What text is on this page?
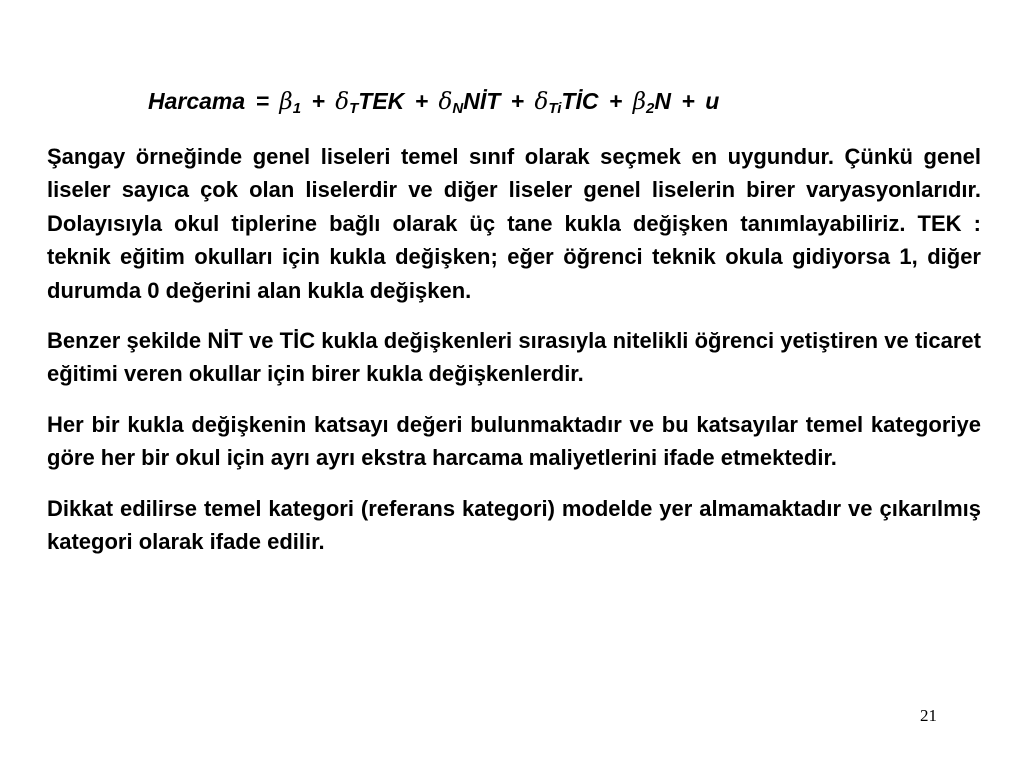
Harcama = $\beta_1 + \delta_TTEK$ + $\delta_NNİT$ + $\delta_{Ti}TİC + \beta_2N + u$

Şangay örneğinde genel liseleri temel sınıf olarak seçmek en uygundur. Çünkü genel liseler sayıca çok olan liselerdir ve diğer liseler genel liselerin birer varyasyonlarıdır. Dolayısıyla okul tiplerine bağlı olarak üç tane kukla değişken tanımlayabiliriz. TEK : teknik eğitim okulları için kukla değişken; eğer öğrenci teknik okula gidiyorsa 1, diğer durumda 0 değerini alan kukla değişken.

Benzer şekilde NİT ve TİC kukla değişkenleri sırasıyla nitelikli öğrenci yetiştiren ve ticaret eğitimi veren okullar için birer kukla değişkenlerdir.

Her bir kukla değişkenin katsayı değeri bulunmaktadır ve bu katsayılar temel kategoriye göre her bir okul için ayrı ayrı ekstra harcama maliyetlerini ifade etmektedir.

Dikkat edilirse temel kategori (referans kategori) modelde yer almamaktadır ve çıkarılmış kategori olarak ifade edilir.

21
